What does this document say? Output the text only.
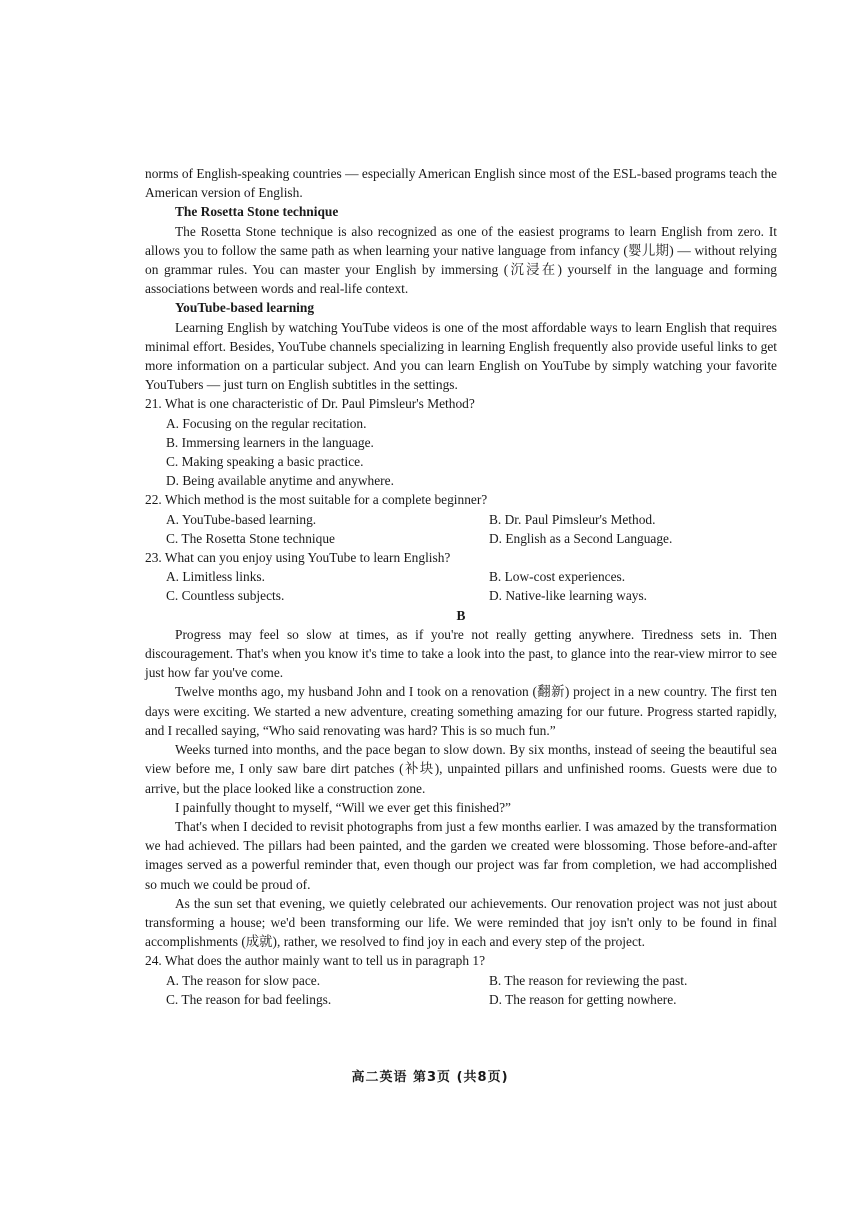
norms of English-speaking countries — especially American English since most of the ESL-based programs teach the American version of English.

The Rosetta Stone technique

The Rosetta Stone technique is also recognized as one of the easiest programs to learn English from zero. It allows you to follow the same path as when learning your native language from infancy (婴儿期) — without relying on grammar rules. You can master your English by immersing (沉浸在) yourself in the language and forming associations between words and real-life context.

YouTube-based learning

Learning English by watching YouTube videos is one of the most affordable ways to learn English that requires minimal effort. Besides, YouTube channels specializing in learning English frequently also provide useful links to get more information on a particular subject. And you can learn English on YouTube by simply watching your favorite YouTubers — just turn on English subtitles in the settings.

21. What is one characteristic of Dr. Paul Pimsleur's Method?

A. Focusing on the regular recitation.
B. Immersing learners in the language.
C. Making speaking a basic practice.
D. Being available anytime and anywhere.

22. Which method is the most suitable for a complete beginner?

A. YouTube-based learning.	B. Dr. Paul Pimsleur's Method.
C. The Rosetta Stone technique	D. English as a Second Language.

23. What can you enjoy using YouTube to learn English?

A. Limitless links.	B. Low-cost experiences.
C. Countless subjects.	D. Native-like learning ways.

B

Progress may feel so slow at times, as if you're not really getting anywhere. Tiredness sets in. Then discouragement. That's when you know it's time to take a look into the past, to glance into the rear-view mirror to see just how far you've come.

Twelve months ago, my husband John and I took on a renovation (翻新) project in a new country. The first ten days were exciting. We started a new adventure, creating something amazing for our future. Progress started rapidly, and I recalled saying, “Who said renovating was hard? This is so much fun.”

Weeks turned into months, and the pace began to slow down. By six months, instead of seeing the beautiful sea view before me, I only saw bare dirt patches (补块), unpainted pillars and unfinished rooms. Guests were due to arrive, but the place looked like a construction zone.

I painfully thought to myself, “Will we ever get this finished?”

That's when I decided to revisit photographs from just a few months earlier. I was amazed by the transformation we had achieved. The pillars had been painted, and the garden we created were blossoming. Those before-and-after images served as a powerful reminder that, even though our project was far from completion, we had accomplished so much we could be proud of.

As the sun set that evening, we quietly celebrated our achievements. Our renovation project was not just about transforming a house; we'd been transforming our life. We were reminded that joy isn't only to be found in final accomplishments (成就), rather, we resolved to find joy in each and every step of the project.

24. What does the author mainly want to tell us in paragraph 1?

A. The reason for slow pace.	B. The reason for reviewing the past.
C. The reason for bad feelings.	D. The reason for getting nowhere.
高二英语 第3页 (共8页)
